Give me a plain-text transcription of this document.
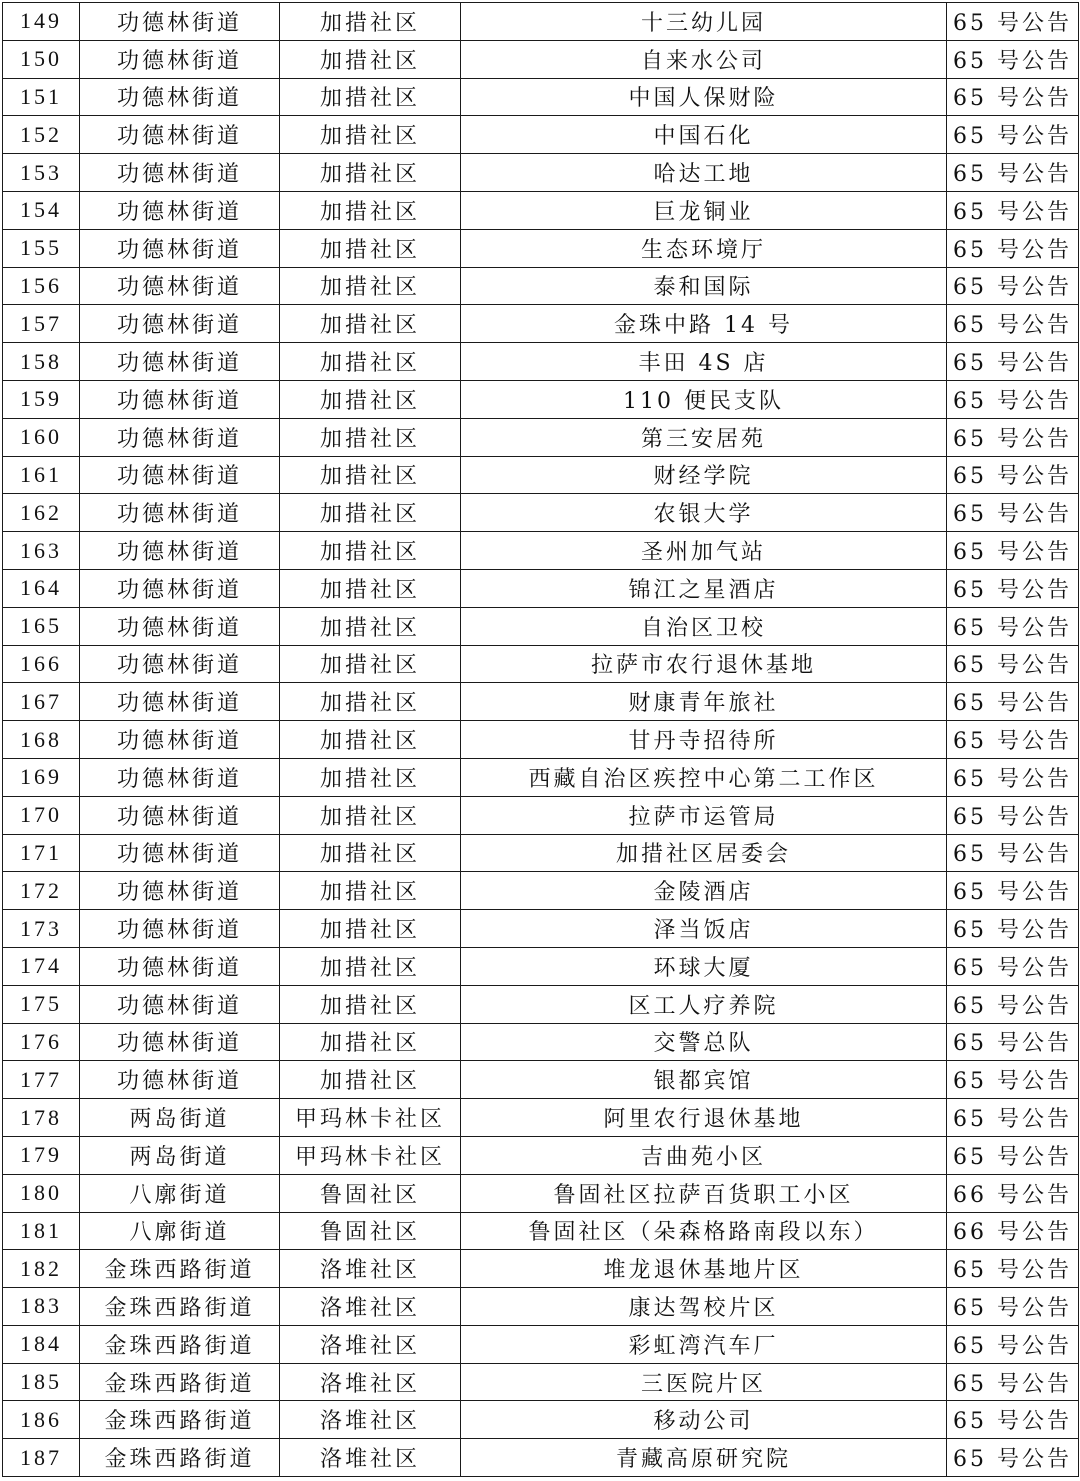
149	功德林街道	加措社区	十三幼儿园	65 号公告
150	功德林街道	加措社区	自来水公司	65 号公告
151	功德林街道	加措社区	中国人保财险	65 号公告
152	功德林街道	加措社区	中国石化	65 号公告
153	功德林街道	加措社区	哈达工地	65 号公告
154	功德林街道	加措社区	巨龙铜业	65 号公告
155	功德林街道	加措社区	生态环境厅	65 号公告
156	功德林街道	加措社区	泰和国际	65 号公告
157	功德林街道	加措社区	金珠中路 14 号	65 号公告
158	功德林街道	加措社区	丰田 4S 店	65 号公告
159	功德林街道	加措社区	110 便民支队	65 号公告
160	功德林街道	加措社区	第三安居苑	65 号公告
161	功德林街道	加措社区	财经学院	65 号公告
162	功德林街道	加措社区	农银大学	65 号公告
163	功德林街道	加措社区	圣州加气站	65 号公告
164	功德林街道	加措社区	锦江之星酒店	65 号公告
165	功德林街道	加措社区	自治区卫校	65 号公告
166	功德林街道	加措社区	拉萨市农行退休基地	65 号公告
167	功德林街道	加措社区	财康青年旅社	65 号公告
168	功德林街道	加措社区	甘丹寺招待所	65 号公告
169	功德林街道	加措社区	西藏自治区疾控中心第二工作区	65 号公告
170	功德林街道	加措社区	拉萨市运管局	65 号公告
171	功德林街道	加措社区	加措社区居委会	65 号公告
172	功德林街道	加措社区	金陵酒店	65 号公告
173	功德林街道	加措社区	泽当饭店	65 号公告
174	功德林街道	加措社区	环球大厦	65 号公告
175	功德林街道	加措社区	区工人疗养院	65 号公告
176	功德林街道	加措社区	交警总队	65 号公告
177	功德林街道	加措社区	银都宾馆	65 号公告
178	两岛街道	甲玛林卡社区	阿里农行退休基地	65 号公告
179	两岛街道	甲玛林卡社区	吉曲苑小区	65 号公告
180	八廓街道	鲁固社区	鲁固社区拉萨百货职工小区	66 号公告
181	八廓街道	鲁固社区	鲁固社区（朵森格路南段以东）	66 号公告
182	金珠西路街道	洛堆社区	堆龙退休基地片区	65 号公告
183	金珠西路街道	洛堆社区	康达驾校片区	65 号公告
184	金珠西路街道	洛堆社区	彩虹湾汽车厂	65 号公告
185	金珠西路街道	洛堆社区	三医院片区	65 号公告
186	金珠西路街道	洛堆社区	移动公司	65 号公告
187	金珠西路街道	洛堆社区	青藏高原研究院	65 号公告
